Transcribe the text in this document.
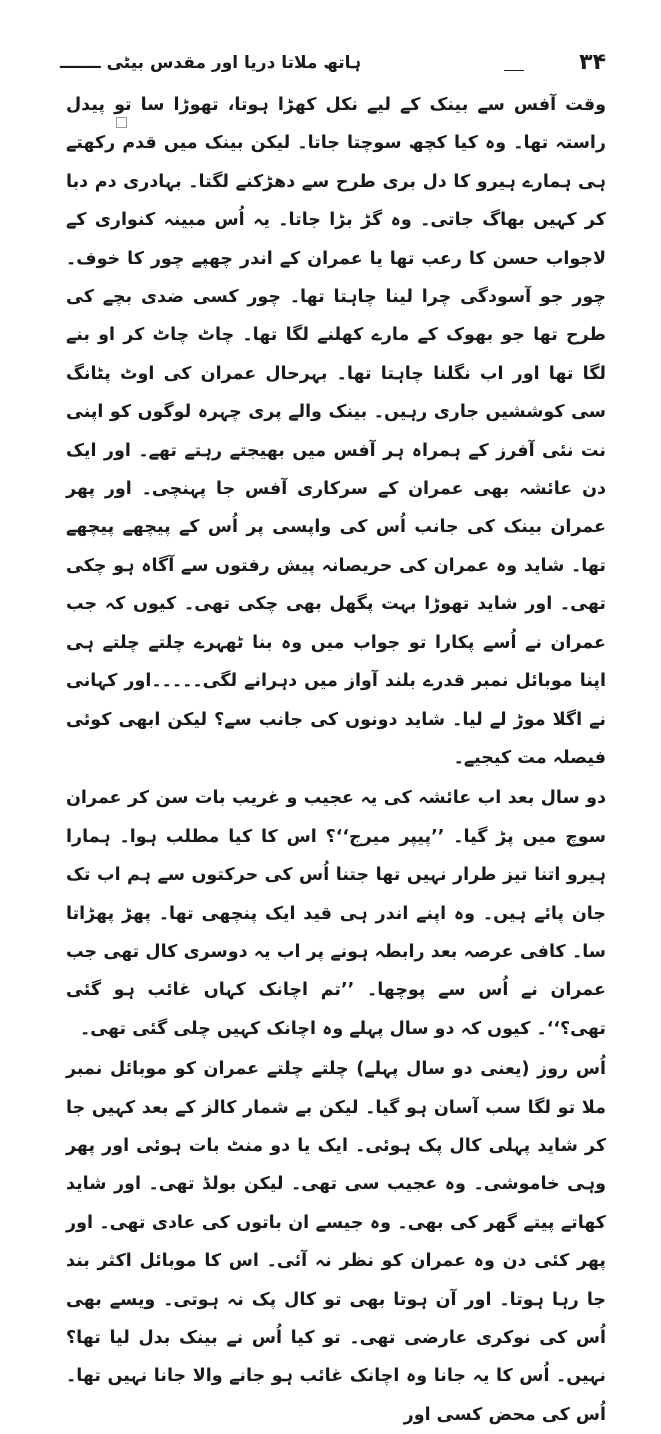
۳۴
ہاتھ ملاتا دریا اور مقدس بیٹی ـــــــ

وقت آفس سے بینک کے لیے نکل کھڑا ہوتا، تھوڑا سا تو پیدل راستہ تھا۔ وہ کیا کچھ سوچتا جاتا۔ لیکن بینک میں قدم رکھتے ہی ہمارے ہیرو کا دل بری طرح سے دھڑکنے لگتا۔ بہادری دم دبا کر کہیں بھاگ جاتی۔ وہ گڑ بڑا جاتا۔ یہ اُس مبینہ کنواری کے لاجواب حسن کا رعب تھا یا عمران کے اندر چھپے چور کا خوف۔ چور جو آسودگی چرا لینا چاہتا تھا۔ چور کسی ضدی بچے کی طرح تھا جو بھوک کے مارے کھلنے لگا تھا۔ چاٹ چاٹ کر او بنے لگا تھا اور اب نگلنا چاہتا تھا۔ بہرحال عمران کی اوٹ پٹانگ سی کوششیں جاری رہیں۔ بینک والے پری چہرہ لوگوں کو اپنی نت نئی آفرز کے ہمراہ ہر آفس میں بھیجتے رہتے تھے۔ اور ایک دن عائشہ بھی عمران کے سرکاری آفس جا پہنچی۔ اور پھر عمران بینک کی جانب اُس کی واپسی پر اُس کے پیچھے پیچھے تھا۔ شاید وہ عمران کی حریصانہ پیش رفتوں سے آگاہ ہو چکی تھی۔ اور شاید تھوڑا بہت پگھل بھی چکی تھی۔ کیوں کہ جب عمران نے اُسے پکارا تو جواب میں وہ بنا ٹھہرے چلتے چلتے ہی اپنا موبائل نمبر قدرے بلند آواز میں دہرانے لگی۔۔۔۔۔اور کہانی نے اگلا موڑ لے لیا۔ شاید دونوں کی جانب سے؟ لیکن ابھی کوئی فیصلہ مت کیجیے۔

دو سال بعد اب عائشہ کی یہ عجیب و غریب بات سن کر عمران سوچ میں پڑ گیا۔ ’’پیپر میرج‘‘؟ اس کا کیا مطلب ہوا۔ ہمارا ہیرو اتنا تیز طرار نہیں تھا جتنا اُس کی حرکتوں سے ہم اب تک جان پائے ہیں۔ وہ اپنے اندر ہی قید ایک پنچھی تھا۔ پھڑ پھڑاتا سا۔ کافی عرصہ بعد رابطہ ہونے پر اب یہ دوسری کال تھی جب عمران نے اُس سے پوچھا۔ ’’تم اچانک کہاں غائب ہو گئی تھی؟‘‘۔ کیوں کہ دو سال پہلے وہ اچانک کہیں چلی گئی تھی۔

اُس روز (یعنی دو سال پہلے) چلتے چلتے عمران کو موبائل نمبر ملا تو لگا سب آسان ہو گیا۔ لیکن بے شمار کالز کے بعد کہیں جا کر شاید پہلی کال پک ہوئی۔ ایک یا دو منٹ بات ہوئی اور پھر وہی خاموشی۔ وہ عجیب سی تھی۔ لیکن بولڈ تھی۔ اور شاید کھاتے پیتے گھر کی بھی۔ وہ جیسے ان باتوں کی عادی تھی۔ اور پھر کئی دن وہ عمران کو نظر نہ آئی۔ اس کا موبائل اکثر بند جا رہا ہوتا۔ اور آن ہوتا بھی تو کال پک نہ ہوتی۔ ویسے بھی اُس کی نوکری عارضی تھی۔ تو کیا اُس نے بینک بدل لیا تھا؟ نہیں۔ اُس کا یہ جانا وہ اچانک غائب ہو جانے والا جانا نہیں تھا۔ اُس کی محض کسی اور
